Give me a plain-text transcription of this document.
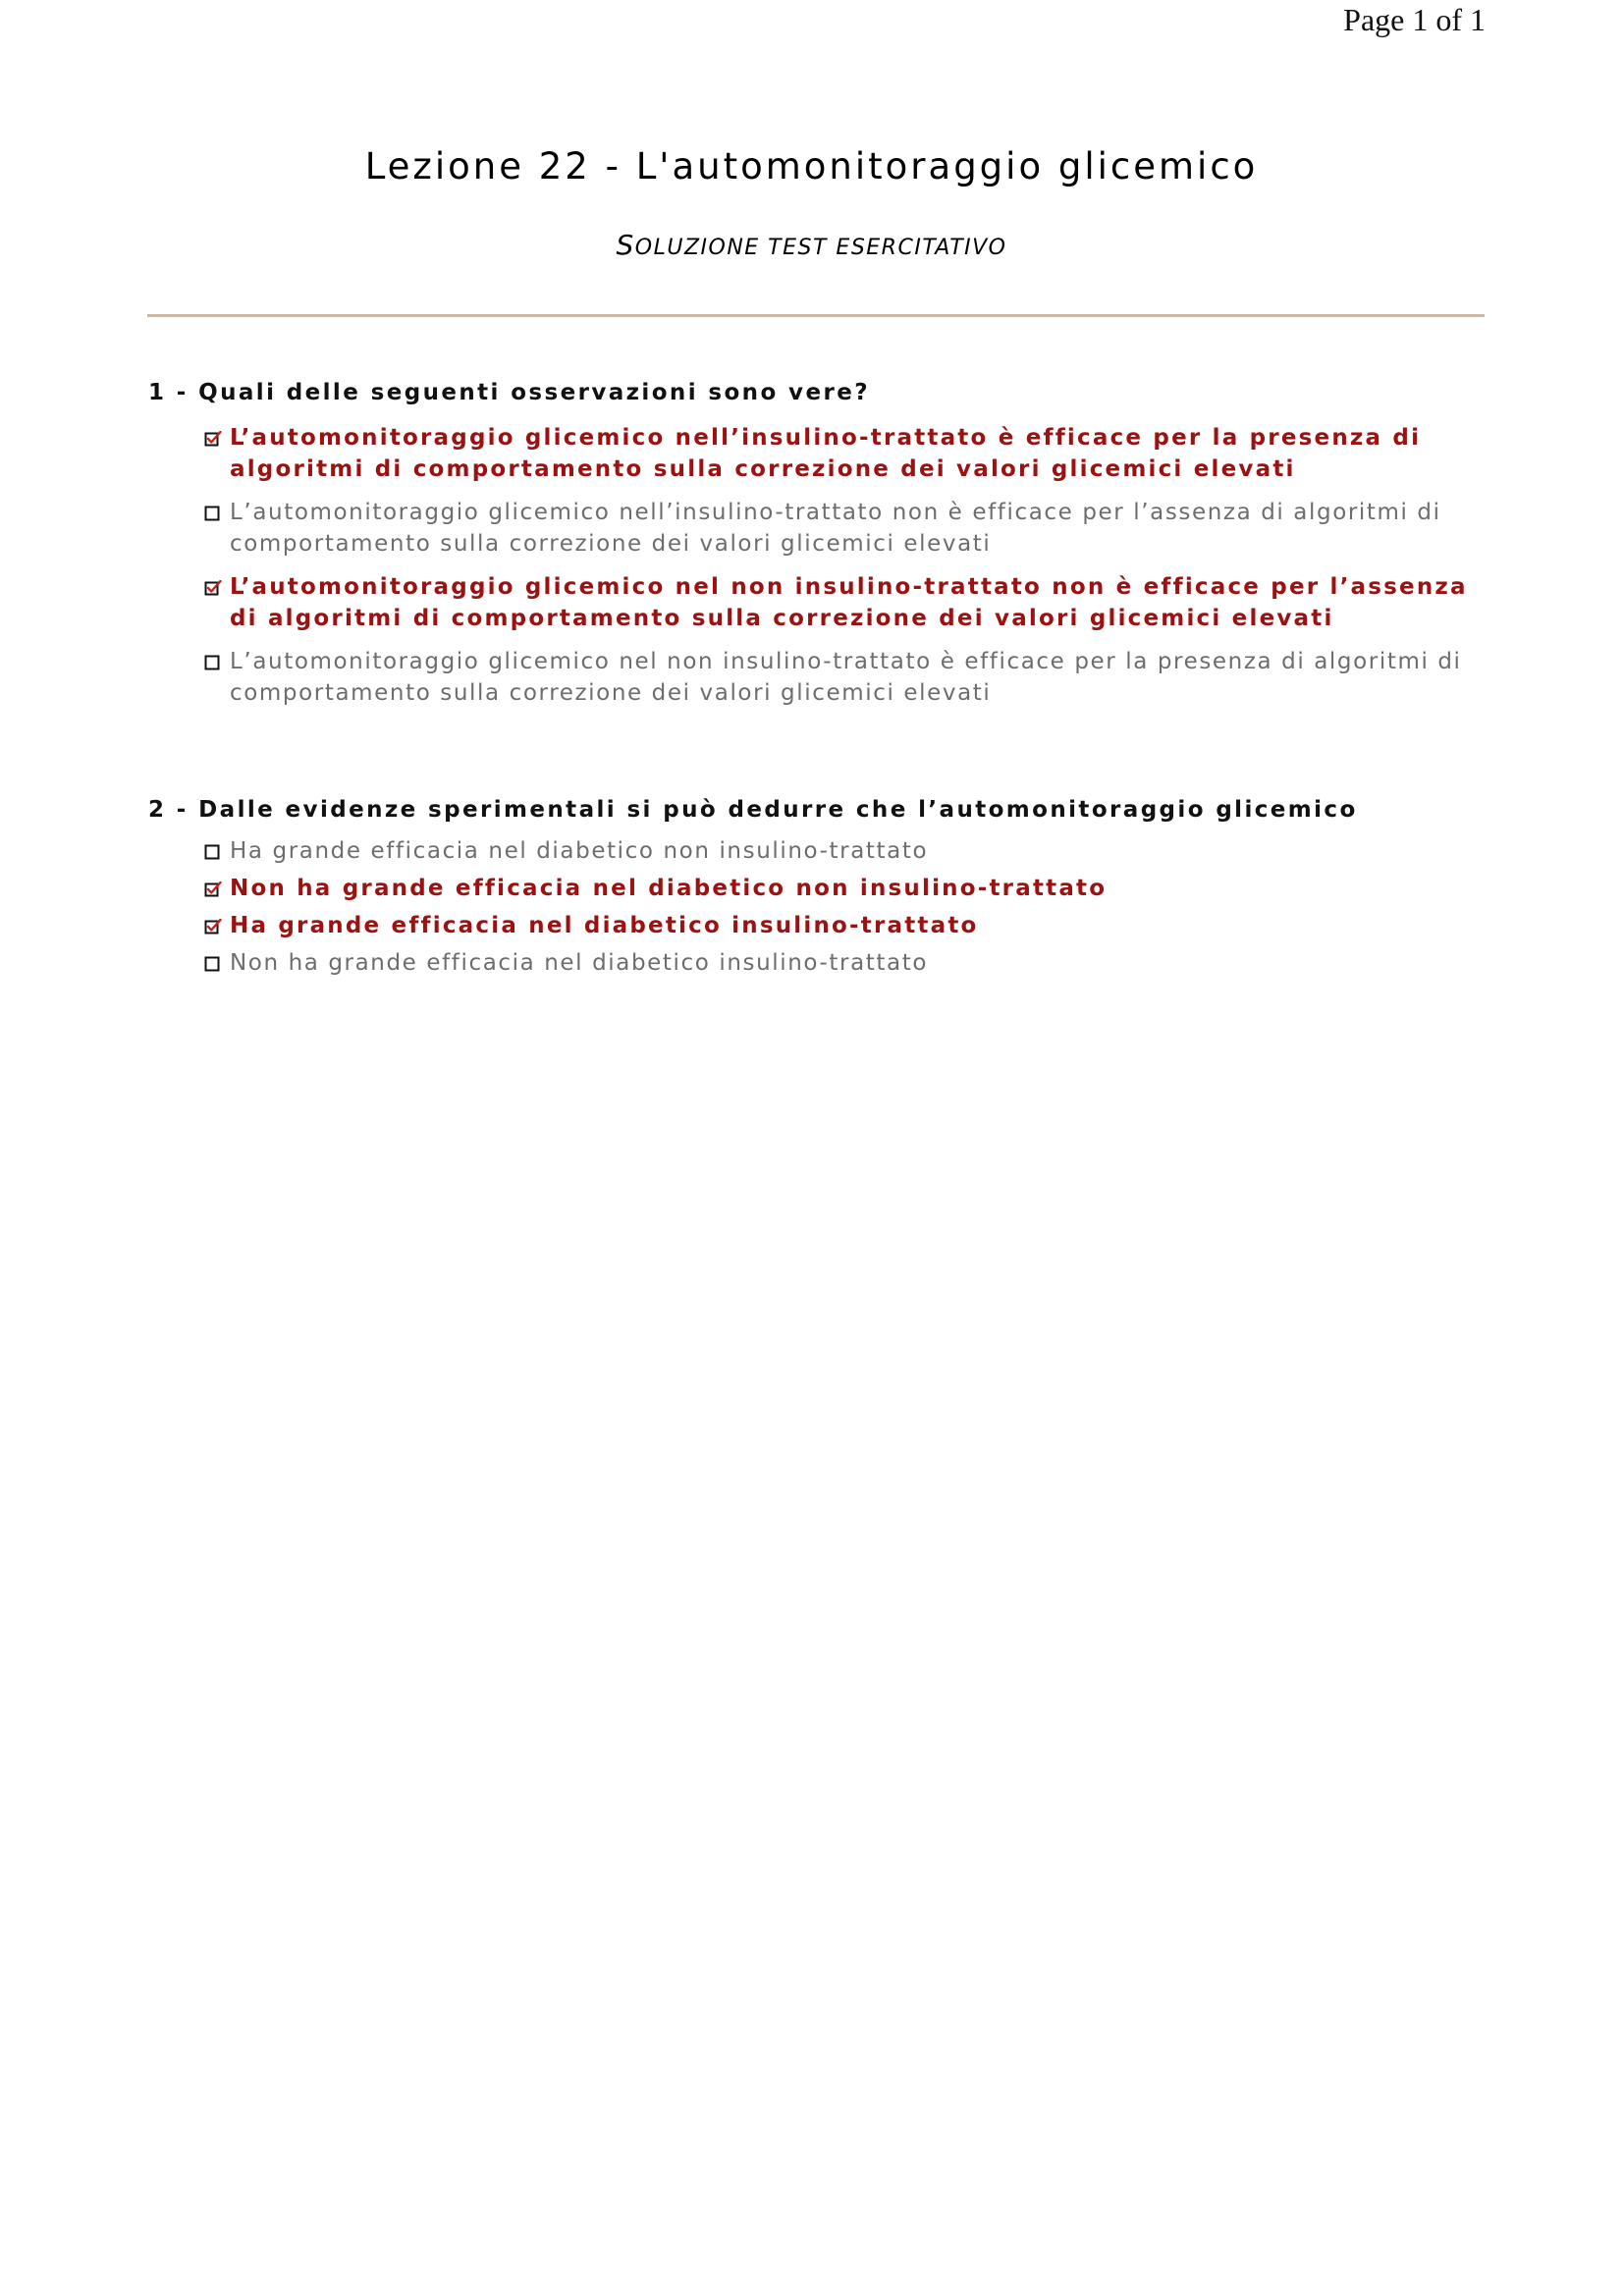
Page 1 of 1
Lezione 22 - L'automonitoraggio glicemico
SOLUZIONE TEST ESERCITATIVO
1 - Quali delle seguenti osservazioni sono vere?
L’automonitoraggio glicemico nell’insulino-trattato è efficace per la presenza di algoritmi di comportamento sulla correzione dei valori glicemici elevati
L’automonitoraggio glicemico nell’insulino-trattato non è efficace per l’assenza di algoritmi di comportamento sulla correzione dei valori glicemici elevati
L’automonitoraggio glicemico nel non insulino-trattato non è efficace per l’assenza di algoritmi di comportamento sulla correzione dei valori glicemici elevati
L’automonitoraggio glicemico nel non insulino-trattato è efficace per la presenza di algoritmi di comportamento sulla correzione dei valori glicemici elevati
2 - Dalle evidenze sperimentali si può dedurre che l’automonitoraggio glicemico
Ha grande efficacia nel diabetico non insulino-trattato
Non ha grande efficacia nel diabetico non insulino-trattato
Ha grande efficacia nel diabetico insulino-trattato
Non ha grande efficacia nel diabetico insulino-trattato
